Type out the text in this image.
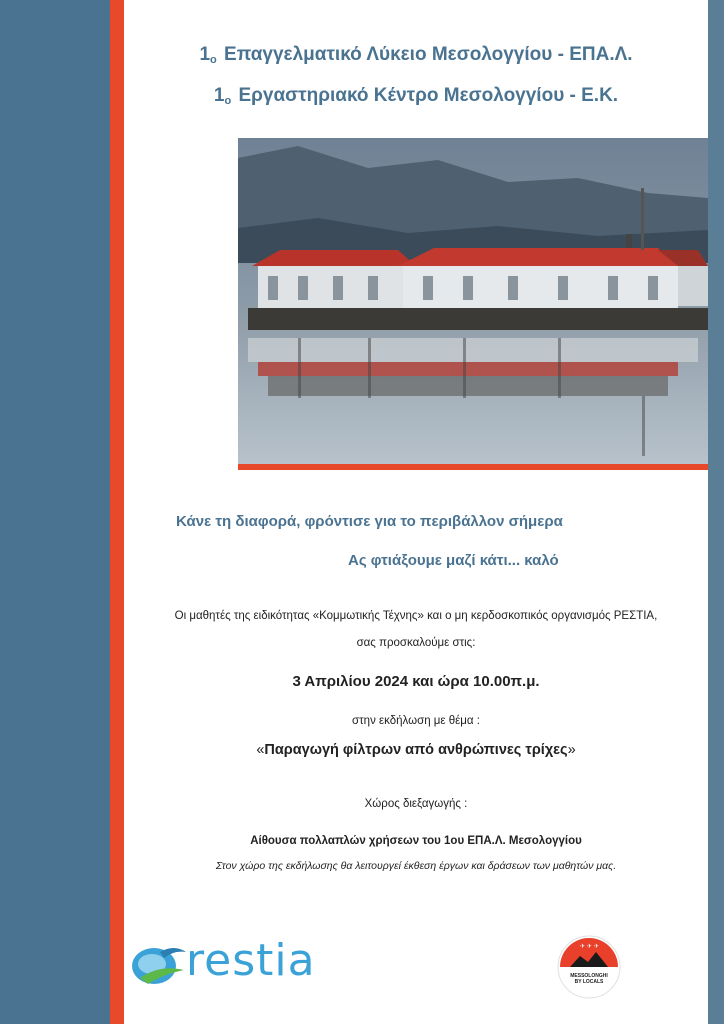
$1_o$ Επαγγελματικό Λύκειο Μεσολογγίου - ΕΠΑ.Λ.
$1_o$ Εργαστηριακό Κέντρο Μεσολογγίου - Ε.Κ.
Κάνε τη διαφορά, φρόντισε για το περιβάλλον σήμερα
Ας φτιάξουμε μαζί κάτι... καλό
Οι μαθητές της ειδικότητας «Κομμωτικής Τέχνης» και ο μη κερδοσκοπικός οργανισμός ΡΕΣΤΙΑ,
σας προσκαλούμε στις:
3 Απριλίου 2024 και ώρα 10.00π.μ.
στην εκδήλωση με θέμα :
«Παραγωγή φίλτρων από ανθρώπινες τρίχες»
Χώρος διεξαγωγής :
Αίθουσα πολλαπλών χρήσεων του 1ου ΕΠΑ.Λ. Μεσολογγίου
Στον χώρο της εκδήλωσης θα λειτουργεί έκθεση έργων και δράσεων των μαθητών μας.
restia	✈ ✈ ✈
MESSOLONGHI
BY LOCALS
